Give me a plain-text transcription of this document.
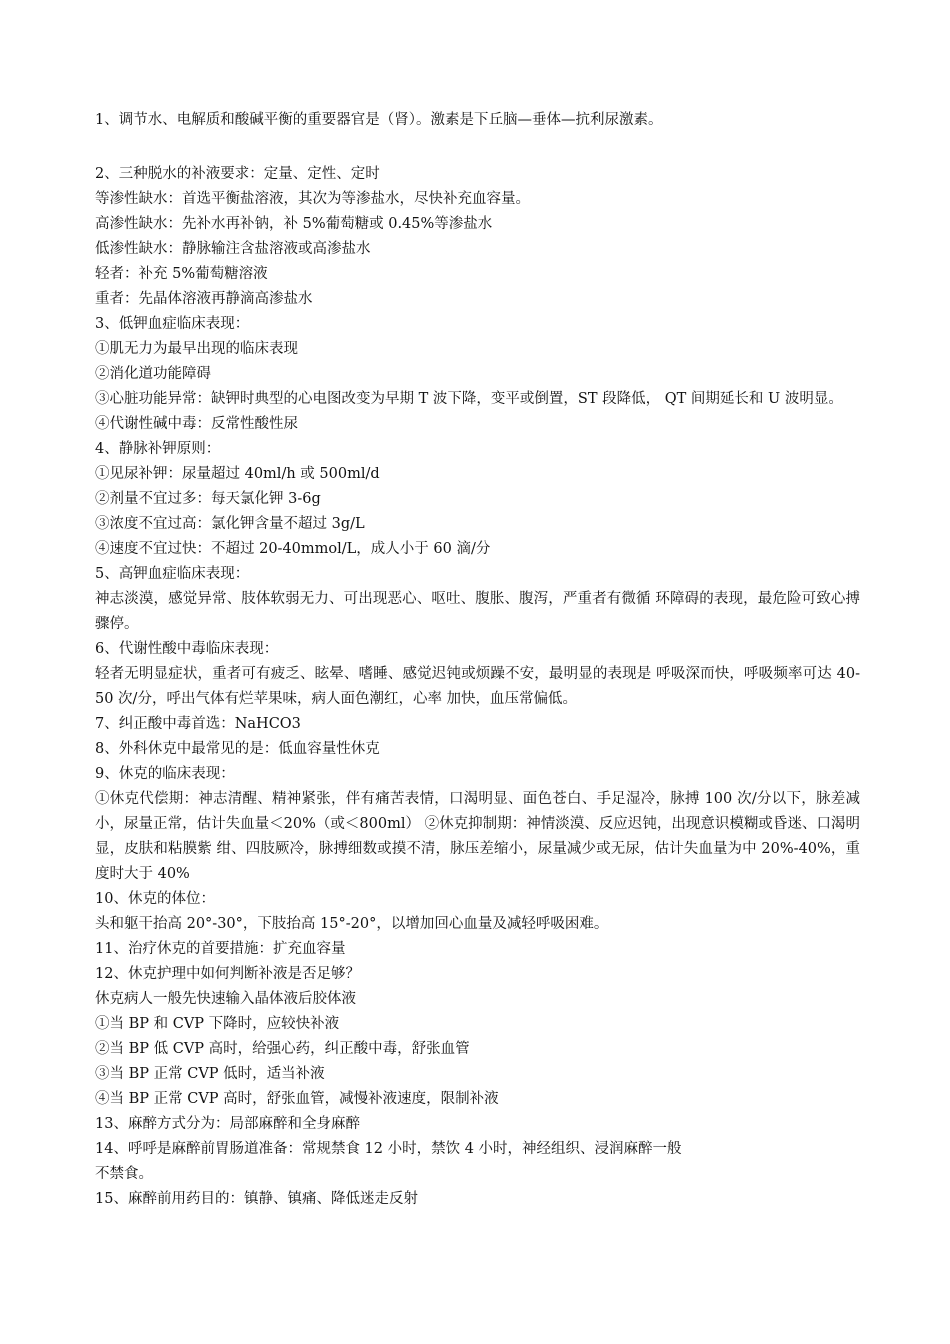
1、调节水、电解质和酸碱平衡的重要器官是（肾）。激素是下丘脑—垂体—抗利尿激素。

2、三种脱水的补液要求：定量、定性、定时

等渗性缺水：首选平衡盐溶液，其次为等渗盐水，尽快补充血容量。

高渗性缺水：先补水再补钠，补 5%葡萄糖或 0.45%等渗盐水

低渗性缺水：静脉输注含盐溶液或高渗盐水

轻者：补充 5%葡萄糖溶液

重者：先晶体溶液再静滴高渗盐水

3、低钾血症临床表现：

①肌无力为最早出现的临床表现

②消化道功能障碍

③心脏功能异常：缺钾时典型的心电图改变为早期 T 波下降，变平或倒置，ST 段降低， QT 间期延长和 U 波明显。

④代谢性碱中毒：反常性酸性尿

4、静脉补钾原则：

①见尿补钾：尿量超过 40ml/h 或 500ml/d

②剂量不宜过多：每天氯化钾 3-6g

③浓度不宜过高：氯化钾含量不超过 3g/L

④速度不宜过快：不超过 20-40mmol/L，成人小于 60 滴/分

5、高钾血症临床表现：

神志淡漠，感觉异常、肢体软弱无力、可出现恶心、呕吐、腹胀、腹泻，严重者有微循 环障碍的表现，最危险可致心搏骤停。

6、代谢性酸中毒临床表现：

轻者无明显症状，重者可有疲乏、眩晕、嗜睡、感觉迟钝或烦躁不安，最明显的表现是 呼吸深而快，呼吸频率可达 40-50 次/分，呼出气体有烂苹果味，病人面色潮红，心率 加快，血压常偏低。

7、纠正酸中毒首选：NaHCO3

8、外科休克中最常见的是：低血容量性休克

9、休克的临床表现：

①休克代偿期：神志清醒、精神紧张，伴有痛苦表情，口渴明显、面色苍白、手足湿冷，脉搏 100 次/分以下，脉差减小，尿量正常，估计失血量＜20%（或＜800ml） ②休克抑制期：神情淡漠、反应迟钝，出现意识模糊或昏迷、口渴明显，皮肤和粘膜紫 绀、四肢厥冷，脉搏细数或摸不清，脉压差缩小，尿量减少或无尿，估计失血量为中 20%-40%，重度时大于 40%

10、休克的体位：

头和躯干抬高 20°-30°，下肢抬高 15°-20°，以增加回心血量及减轻呼吸困难。

11、治疗休克的首要措施：扩充血容量

12、休克护理中如何判断补液是否足够？

休克病人一般先快速输入晶体液后胶体液

①当 BP 和 CVP 下降时，应较快补液

②当 BP 低 CVP 高时，给强心药，纠正酸中毒，舒张血管

③当 BP 正常 CVP 低时，适当补液

④当 BP 正常 CVP 高时，舒张血管，减慢补液速度，限制补液

13、麻醉方式分为：局部麻醉和全身麻醉

14、呼呼是麻醉前胃肠道准备：常规禁食 12 小时，禁饮 4 小时，神经组织、浸润麻醉一般

不禁食。

15、麻醉前用药目的：镇静、镇痛、降低迷走反射
